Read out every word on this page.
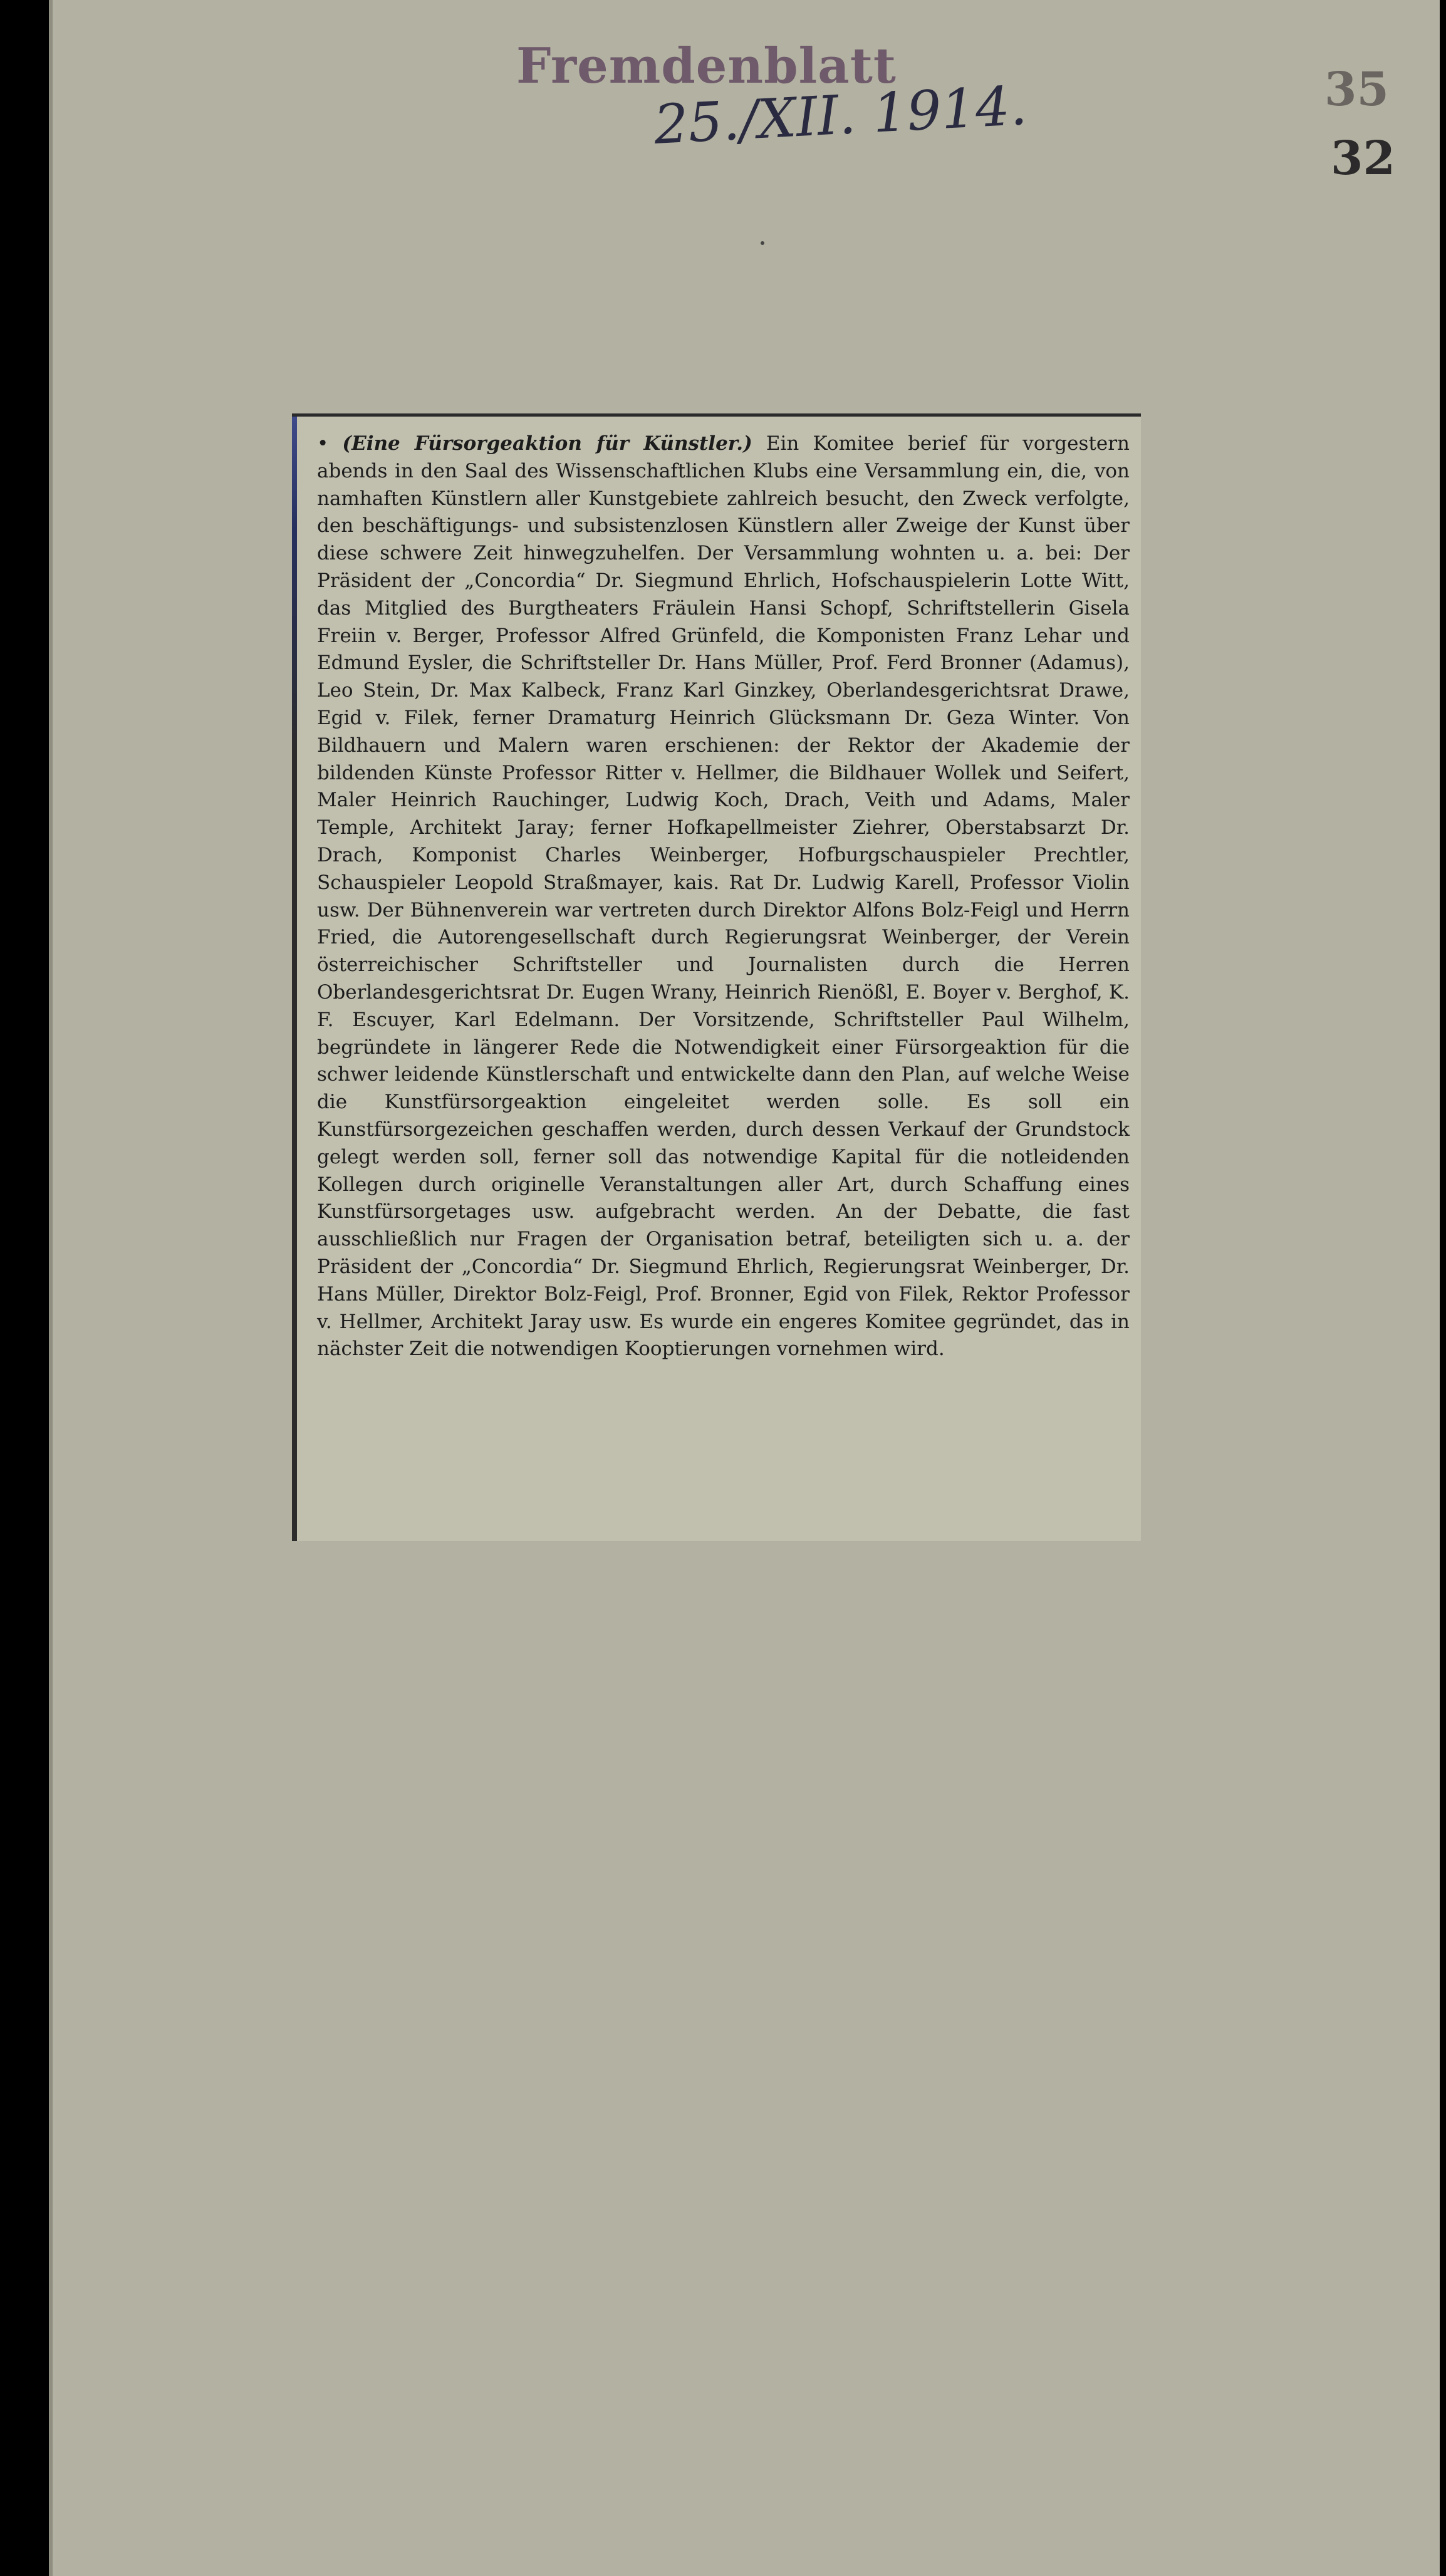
Fremdenblatt
25./XII. 1914.	35
32

• (Eine Fürsorgeaktion für Künstler.) Ein Komitee berief für vorgestern abends in den Saal des Wissenschaftlichen Klubs eine Versammlung ein, die, von namhaften Künstlern aller Kunstgebiete zahlreich besucht, den Zweck verfolgte, den beschäftigungs- und subsistenzlosen Künstlern aller Zweige der Kunst über diese schwere Zeit hinwegzuhelfen. Der Versammlung wohnten u. a. bei: Der Präsident der „Concordia“ Dr. Siegmund Ehrlich, Hofschauspielerin Lotte Witt, das Mitglied des Burgtheaters Fräulein Hansi Schopf, Schriftstellerin Gisela Freiin v. Berger, Professor Alfred Grünfeld, die Komponisten Franz Lehar und Edmund Eysler, die Schriftsteller Dr. Hans Müller, Prof. Ferd Bronner (Adamus), Leo Stein, Dr. Max Kalbeck, Franz Karl Ginzkey, Oberlandesgerichtsrat Drawe, Egid v. Filek, ferner Dramaturg Heinrich Glücksmann Dr. Geza Winter. Von Bildhauern und Malern waren erschienen: der Rektor der Akademie der bildenden Künste Professor Ritter v. Hellmer, die Bildhauer Wollek und Seifert, Maler Heinrich Rauchinger, Ludwig Koch, Drach, Veith und Adams, Maler Temple, Architekt Jaray; ferner Hofkapellmeister Ziehrer, Oberstabsarzt Dr. Drach, Komponist Charles Weinberger, Hofburgschauspieler Prechtler, Schauspieler Leopold Straßmayer, kais. Rat Dr. Ludwig Karell, Professor Violin usw. Der Bühnenverein war vertreten durch Direktor Alfons Bolz-Feigl und Herrn Fried, die Autorengesellschaft durch Regierungsrat Weinberger, der Verein österreichischer Schriftsteller und Journalisten durch die Herren Oberlandesgerichtsrat Dr. Eugen Wrany, Heinrich Rienößl, E. Boyer v. Berghof, K. F. Escuyer, Karl Edelmann. Der Vorsitzende, Schriftsteller Paul Wilhelm, begründete in längerer Rede die Notwendigkeit einer Fürsorgeaktion für die schwer leidende Künstlerschaft und entwickelte dann den Plan, auf welche Weise die Kunstfürsorgeaktion eingeleitet werden solle. Es soll ein Kunstfürsorgezeichen geschaffen werden, durch dessen Verkauf der Grundstock gelegt werden soll, ferner soll das notwendige Kapital für die notleidenden Kollegen durch originelle Veranstaltungen aller Art, durch Schaffung eines Kunstfürsorgetages usw. aufgebracht werden. An der Debatte, die fast ausschließlich nur Fragen der Organisation betraf, beteiligten sich u. a. der Präsident der „Concordia“ Dr. Siegmund Ehrlich, Regierungsrat Weinberger, Dr. Hans Müller, Direktor Bolz-Feigl, Prof. Bronner, Egid von Filek, Rektor Professor v. Hellmer, Architekt Jaray usw. Es wurde ein engeres Komitee gegründet, das in nächster Zeit die notwendigen Kooptierungen vornehmen wird.
